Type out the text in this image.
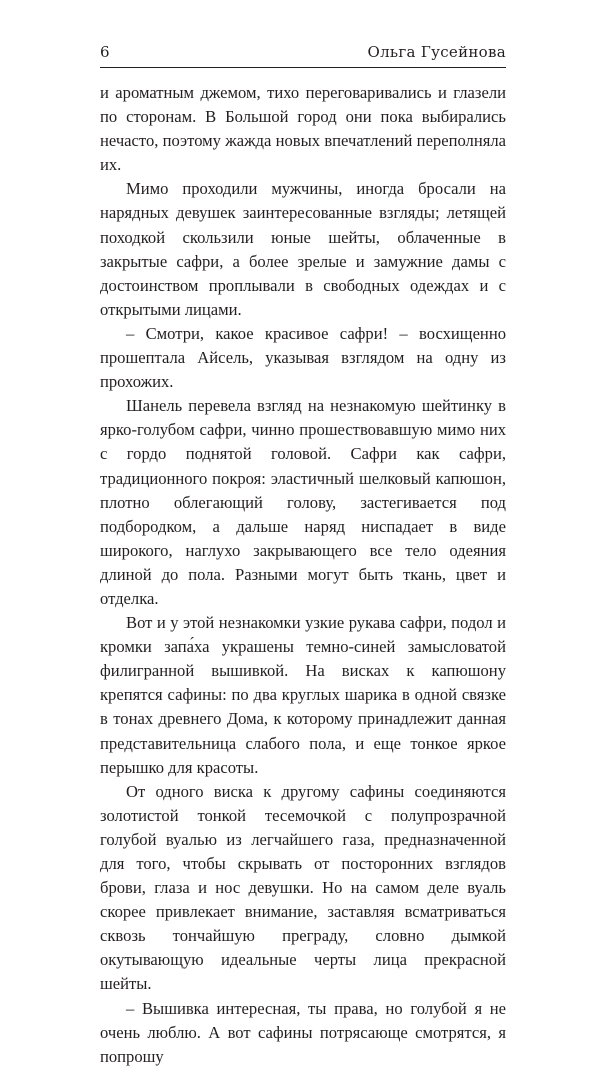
6	Ольга Гусейнова

и ароматным джемом, тихо переговаривались и глазели по сторонам. В Большой город они пока выбирались нечасто, поэтому жажда новых впечатлений переполняла их.

Мимо проходили мужчины, иногда бросали на нарядных девушек заинтересованные взгляды; летящей походкой скользили юные шейты, облаченные в закрытые сафри, а более зрелые и замужние дамы с достоинством проплывали в свободных одеждах и с открытыми лицами.

– Смотри, какое красивое сафри! – восхищенно прошептала Айсель, указывая взглядом на одну из прохожих.

Шанель перевела взгляд на незнакомую шейтинку в ярко-голубом сафри, чинно прошествовавшую мимо них с гордо поднятой головой. Сафри как сафри, традиционного покроя: эластичный шелковый капюшон, плотно облегающий голову, застегивается под подбородком, а дальше наряд ниспадает в виде широкого, наглухо закрывающего все тело одеяния длиной до пола. Разными могут быть ткань, цвет и отделка.

Вот и у этой незнакомки узкие рукава сафри, подол и кромки запа́ха украшены темно-синей замысловатой филигранной вышивкой. На висках к капюшону крепятся сафины: по два круглых шарика в одной связке в тонах древнего Дома, к которому принадлежит данная представительница слабого пола, и еще тонкое яркое перышко для красоты.

От одного виска к другому сафины соединяются золотистой тонкой тесемочкой с полупрозрачной голубой вуалью из легчайшего газа, предназначенной для того, чтобы скрывать от посторонних взглядов брови, глаза и нос девушки. Но на самом деле вуаль скорее привлекает внимание, заставляя всматриваться сквозь тончайшую преграду, словно дымкой окутывающую идеальные черты лица прекрасной шейты.

– Вышивка интересная, ты права, но голубой я не очень люблю. А вот сафины потрясающе смотрятся, я попрошу
